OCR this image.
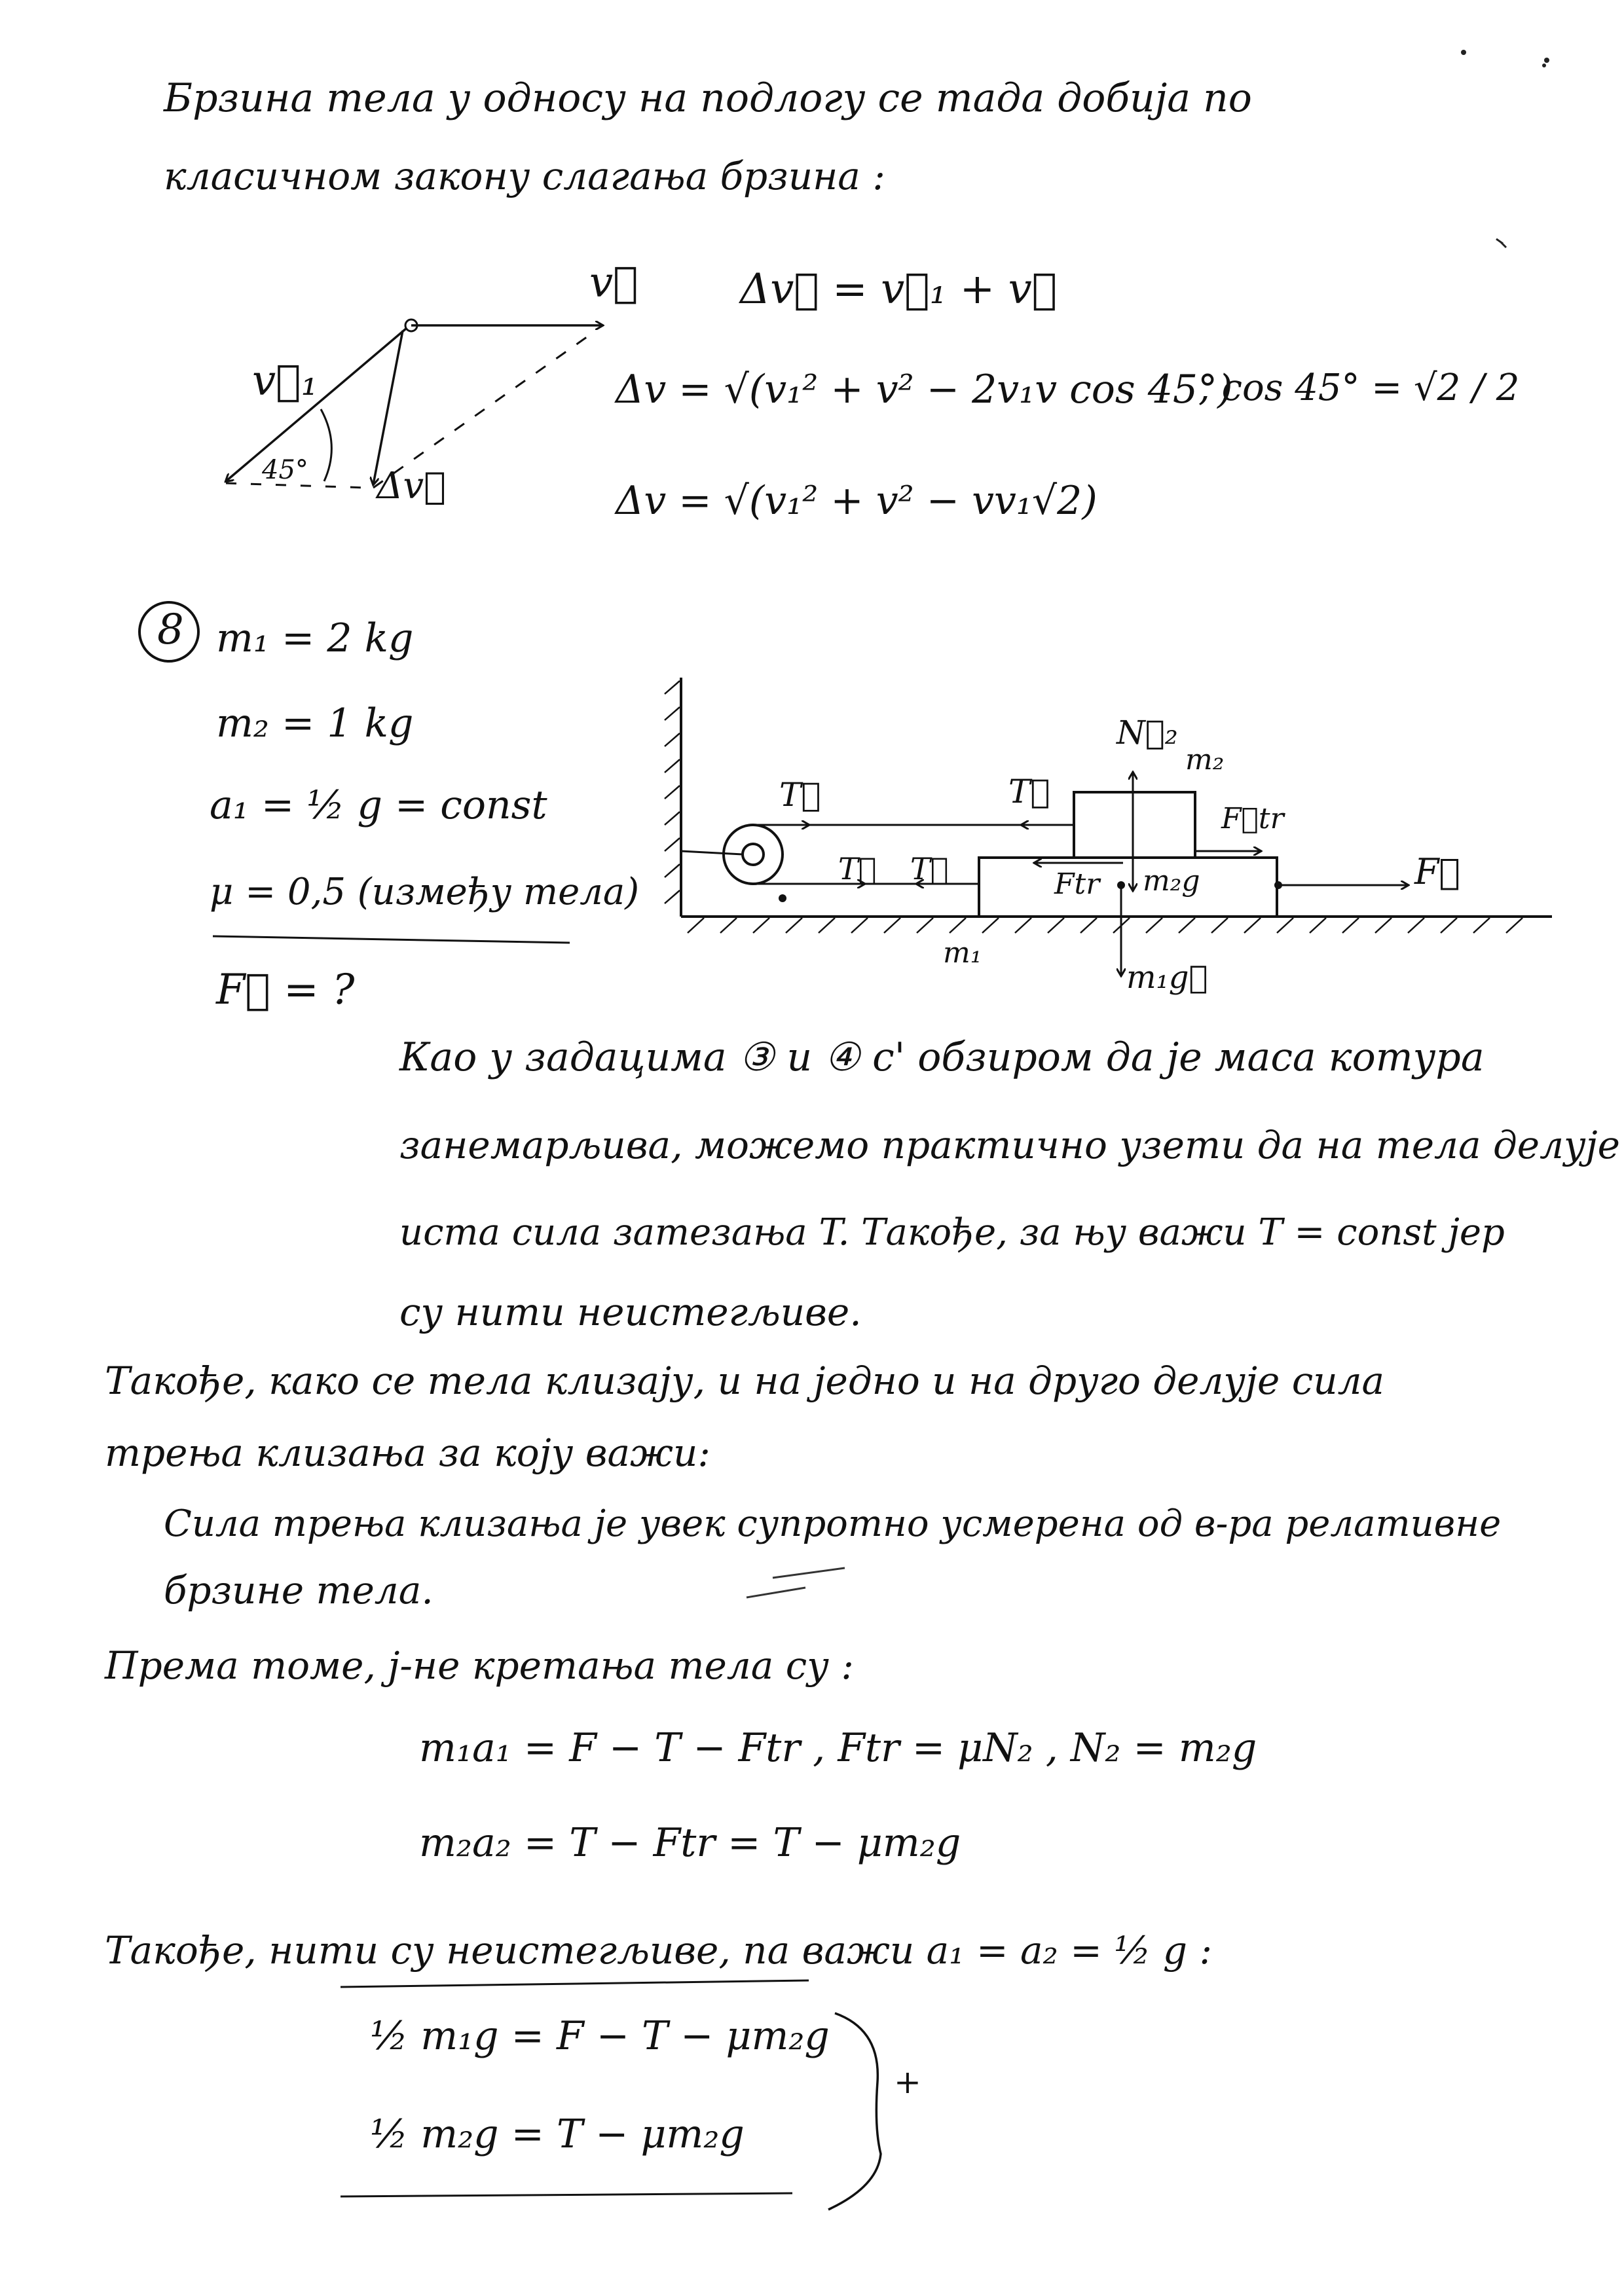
Брзина тела у односу на подлогу се тада добија по
класичном закону слагања брзина :
v⃗
v⃗₁
Δv⃗
45°
Δv⃗ = v⃗₁ + v⃗
Δv = √(v₁² + v² − 2v₁v cos 45°)
, cos 45° = √2 / 2
Δv = √(v₁² + v² − vv₁√2)
8 m₁ = 2 kg
m₂ = 1 kg
a₁ = ½ g = const
μ = 0,5 (између тела)
F⃗ = ?
N⃗₂
m₂
T⃗	T⃗
F⃗tr
T⃗ T⃗	Ftr m₂g	F⃗
m₁
m₁g⃗
Као у задацима ③ и ④ с' обзиром да је маса котура
занемарљива, можемо практично узети да на тела делује
иста сила затезања T. Такође, за њу важи T = const јер
су нити неистегљиве.
Такође, како се тела клизају, и на једно и на друго делује сила
трења клизања за коју важи:
Сила трења клизања је увек супротно усмерена од в-ра релативне
брзине тела.
Према томе, ј-не кретања тела су :
m₁a₁ = F − T − Ftr , Ftr = μN₂ , N₂ = m₂g
m₂a₂ = T − Ftr = T − μm₂g
Такође, нити су неистегљиве, па важи a₁ = a₂ = ½ g :
½ m₁g = F − T − μm₂g
½ m₂g = T − μm₂g
+
